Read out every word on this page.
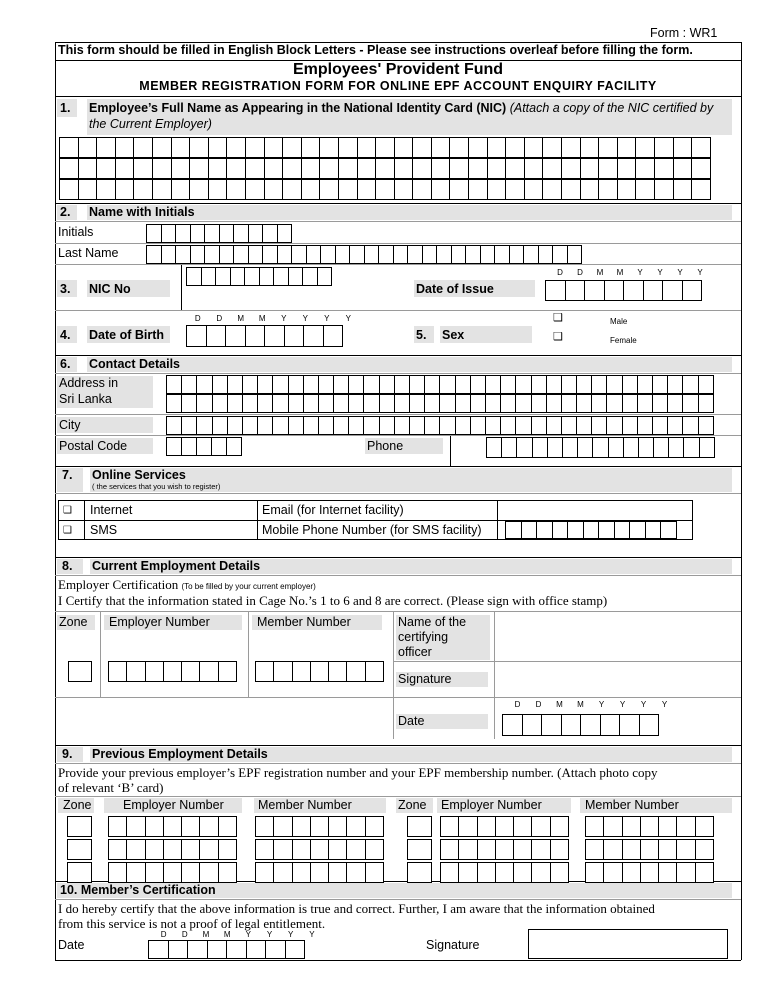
Form : WR1
This form should be filled in English Block Letters - Please see instructions overleaf before filling the form.
Employees' Provident Fund
MEMBER REGISTRATION FORM FOR ONLINE EPF ACCOUNT ENQUIRY FACILITY
1. Employee’s Full Name as Appearing in the National Identity Card (NIC) (Attach a copy of the NIC certified by
the Current Employer)
2. Name with Initials
Initials
Last Name
3. NIC No	Date of Issue
D D M M Y Y Y Y
4. Date of Birth
D D M M Y Y Y Y
5. Sex
❑	Male
❑	Female
6. Contact Details
Address in
Sri Lanka
City
Postal Code	Phone
7. Online Services
( the services that you wish to register)
❑ Internet	Email (for Internet facility)
❑ SMS	Mobile Phone Number (for SMS facility)
8. Current Employment Details
Employer Certification (To be filled by your current employer)
I Certify that the information stated in Cage No.’s 1 to 6 and 8 are correct. (Please sign with office stamp)
Zone Employer Number	Member Number	Name of the
certifying
officer
Signature
D D M M Y Y Y Y
Date
9. Previous Employment Details
Provide your previous employer’s EPF registration number and your EPF membership number. (Attach photo copy
of relevant ‘B’ card)
Zone	Employer Number	Member Number	Zone Employer Number	Member Number
10. Member’s Certification
I do hereby certify that the above information is true and correct. Further, I am aware that the information obtained
from this service is not a proof of legal entitlement.
Date
D D M M Y Y Y Y
Signature
